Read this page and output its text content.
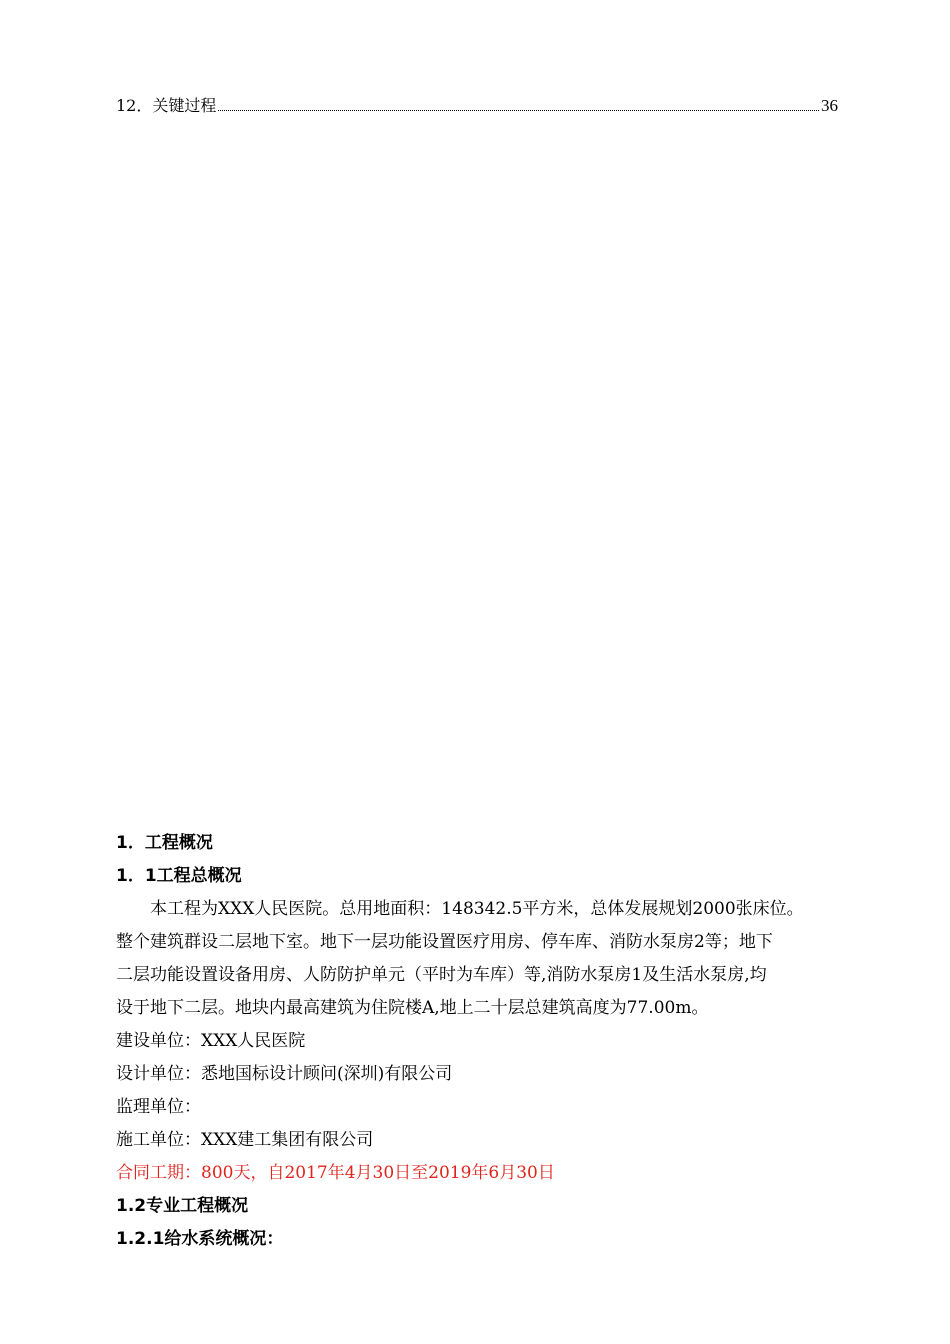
12．关键过程	36
1．工程概况
1．1工程总概况
本工程为XXX人民医院。总用地面积：148342.5平方米，总体发展规划2000张床位。
整个建筑群设二层地下室。地下一层功能设置医疗用房、停车库、消防水泵房2等；地下
二层功能设置设备用房、人防防护单元（平时为车库）等,消防水泵房1及生活水泵房,均
设于地下二层。地块内最高建筑为住院楼A,地上二十层总建筑高度为77.00m。
建设单位：XXX人民医院
设计单位：悉地国标设计顾问(深圳)有限公司
监理单位：
施工单位：XXX建工集团有限公司
合同工期：800天，自2017年4月30日至2019年6月30日
1.2专业工程概况
1.2.1给水系统概况：
